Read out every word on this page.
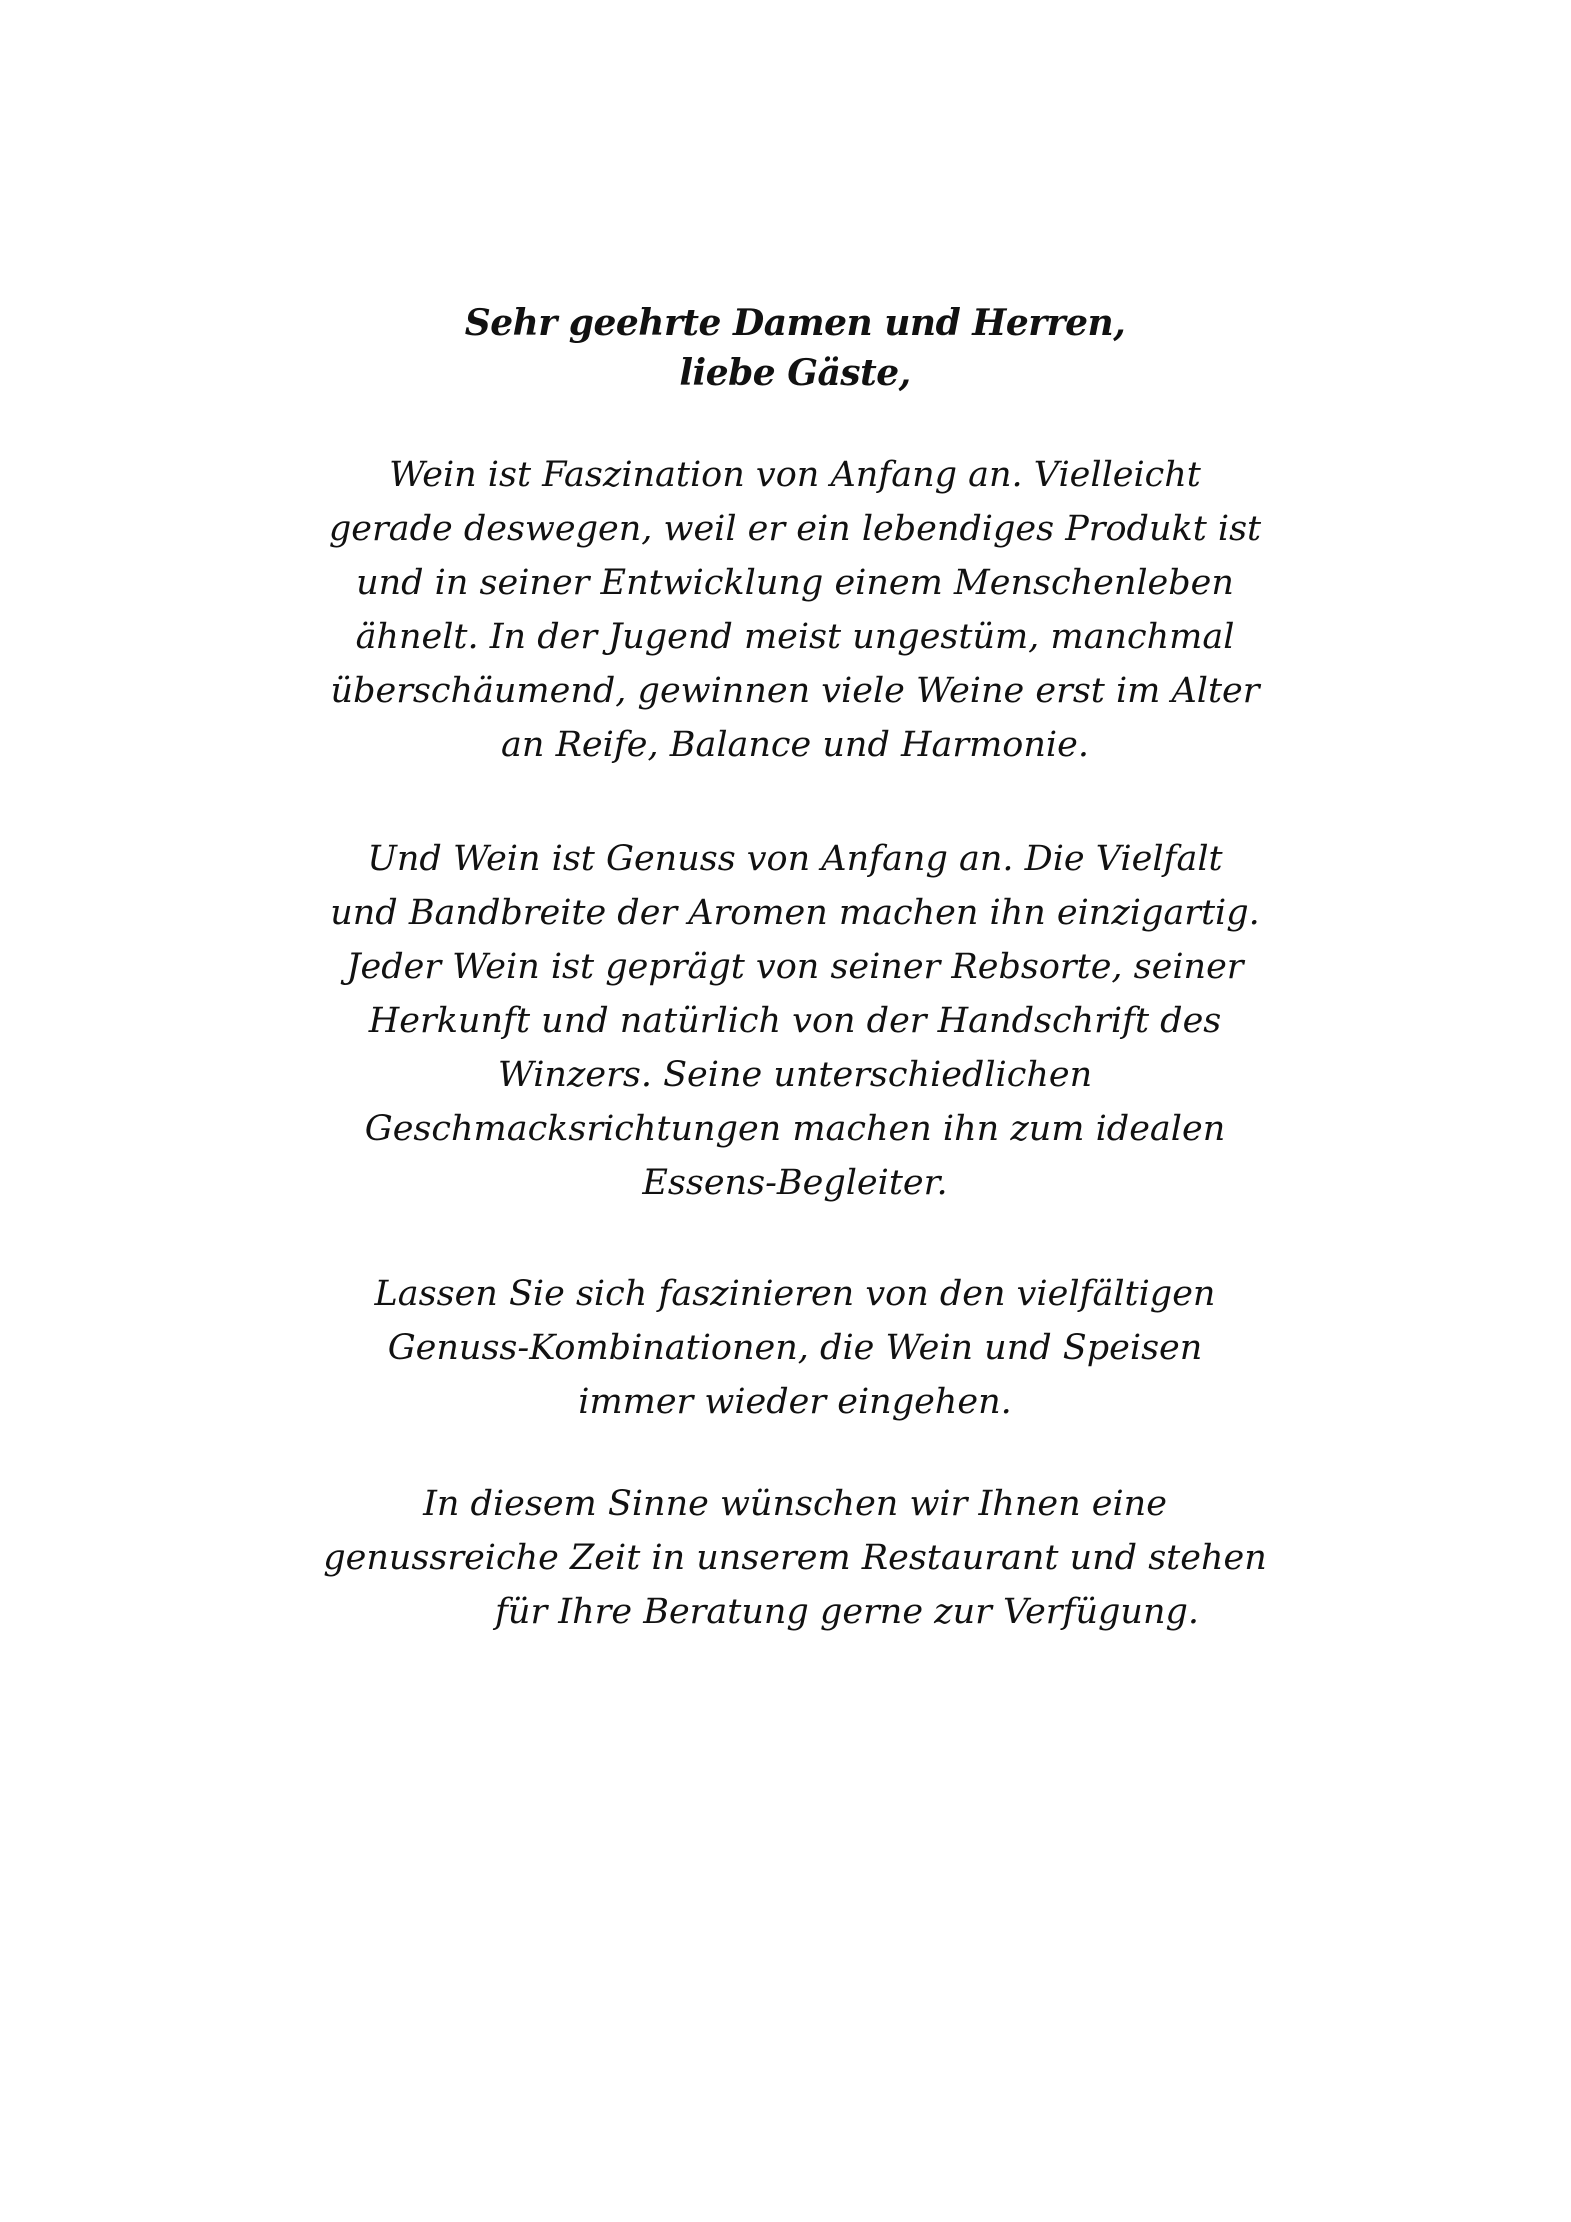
Sehr geehrte Damen und Herren,
liebe Gäste,

Wein ist Faszination von Anfang an. Vielleicht
gerade deswegen, weil er ein lebendiges Produkt ist
und in seiner Entwicklung einem Menschenleben
ähnelt. In der Jugend meist ungestüm, manchmal
überschäumend, gewinnen viele Weine erst im Alter
an Reife, Balance und Harmonie.

Und Wein ist Genuss von Anfang an. Die Vielfalt
und Bandbreite der Aromen machen ihn einzigartig.
Jeder Wein ist geprägt von seiner Rebsorte, seiner
Herkunft und natürlich von der Handschrift des
Winzers. Seine unterschiedlichen
Geschmacksrichtungen machen ihn zum idealen
Essens-Begleiter.

Lassen Sie sich faszinieren von den vielfältigen
Genuss-Kombinationen, die Wein und Speisen
immer wieder eingehen.

In diesem Sinne wünschen wir Ihnen eine
genussreiche Zeit in unserem Restaurant und stehen
für Ihre Beratung gerne zur Verfügung.
